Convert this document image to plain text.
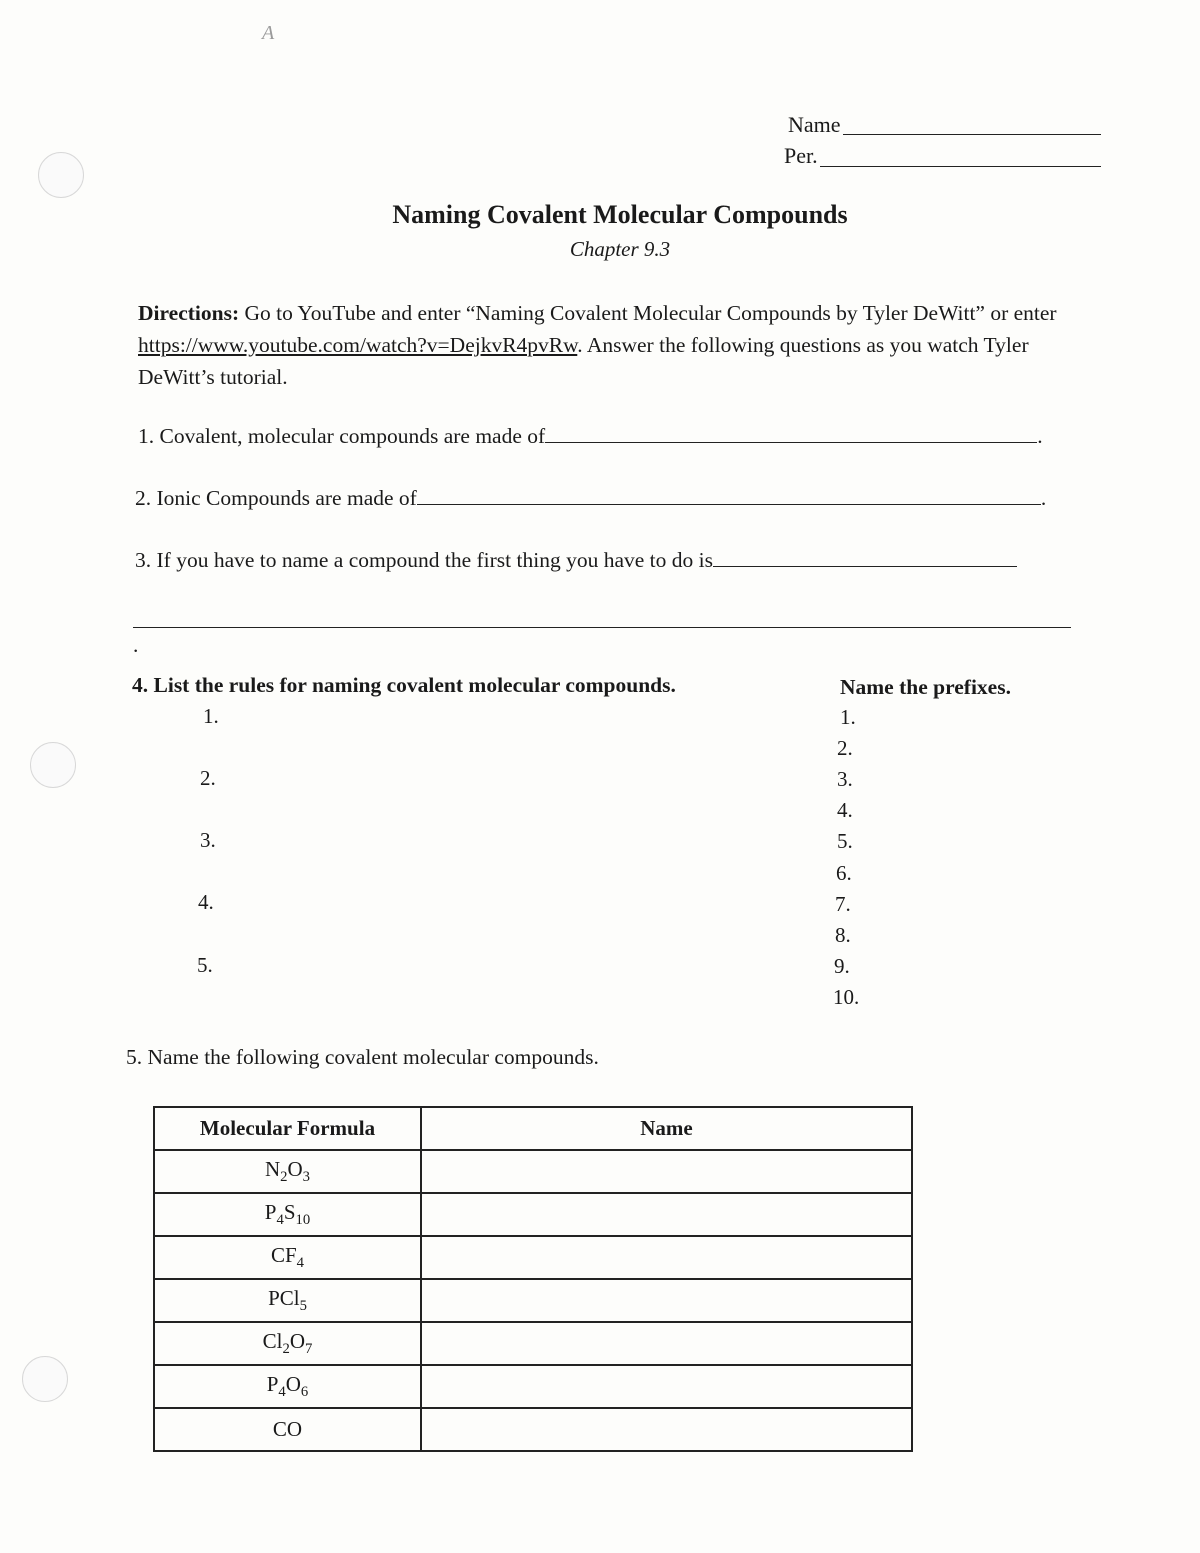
A
Name
Per.
Naming Covalent Molecular Compounds
Chapter 9.3
Directions: Go to YouTube and enter “Naming Covalent Molecular Compounds by Tyler DeWitt” or enter https://www.youtube.com/watch?v=DejkvR4pvRw. Answer the following questions as you watch Tyler DeWitt’s tutorial.
1. Covalent, molecular compounds are made of	.
2. Ionic Compounds are made of	.
3. If you have to name a compound the first thing you have to do is
.
4. List the rules for naming covalent molecular compounds.
1.
2.
3.
4.
5.
Name the prefixes.
1.
2.
3.
4.
5.
6.
7.
8.
9.
10.
5. Name the following covalent molecular compounds.
Molecular Formula	Name
$N_2O_3$	
$P_4S_{10}$	
$CF_4$	
PCl$_5$	
$Cl_2O_7$	
$P_4O_6$	
CO	
